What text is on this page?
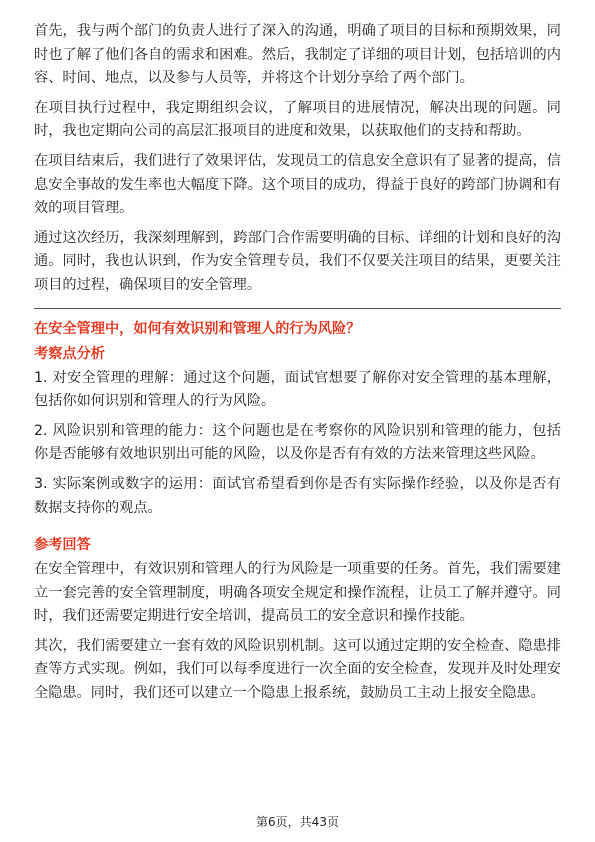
首先，我与两个部门的负责人进行了深入的沟通，明确了项目的目标和预期效果，同时也了解了他们各自的需求和困难。然后，我制定了详细的项目计划，包括培训的内容、时间、地点，以及参与人员等，并将这个计划分享给了两个部门。

在项目执行过程中，我定期组织会议，了解项目的进展情况，解决出现的问题。同时，我也定期向公司的高层汇报项目的进度和效果，以获取他们的支持和帮助。

在项目结束后，我们进行了效果评估，发现员工的信息安全意识有了显著的提高，信息安全事故的发生率也大幅度下降。这个项目的成功，得益于良好的跨部门协调和有效的项目管理。

通过这次经历，我深刻理解到，跨部门合作需要明确的目标、详细的计划和良好的沟通。同时，我也认识到，作为安全管理专员，我们不仅要关注项目的结果，更要关注项目的过程，确保项目的安全管理。

在安全管理中，如何有效识别和管理人的行为风险？
考察点分析

1. 对安全管理的理解：通过这个问题，面试官想要了解你对安全管理的基本理解，包括你如何识别和管理人的行为风险。

2. 风险识别和管理的能力：这个问题也是在考察你的风险识别和管理的能力，包括你是否能够有效地识别出可能的风险，以及你是否有有效的方法来管理这些风险。

3. 实际案例或数字的运用：面试官希望看到你是否有实际操作经验，以及你是否有数据支持你的观点。

参考回答

在安全管理中，有效识别和管理人的行为风险是一项重要的任务。首先，我们需要建立一套完善的安全管理制度，明确各项安全规定和操作流程，让员工了解并遵守。同时，我们还需要定期进行安全培训，提高员工的安全意识和操作技能。

其次，我们需要建立一套有效的风险识别机制。这可以通过定期的安全检查、隐患排查等方式实现。例如，我们可以每季度进行一次全面的安全检查，发现并及时处理安全隐患。同时，我们还可以建立一个隐患上报系统，鼓励员工主动上报安全隐患。

第6页，共43页
